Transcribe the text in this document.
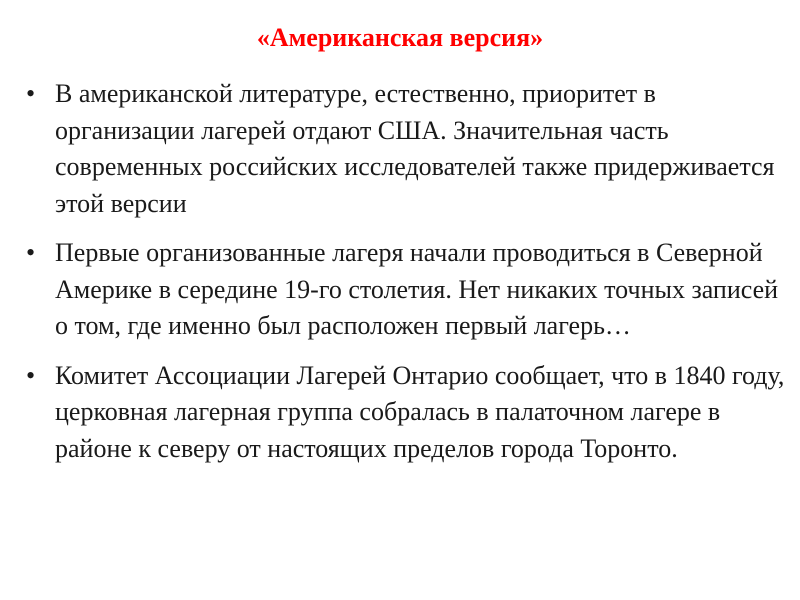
«Американская версия»
• В американской литературе, естественно, приоритет в организации лагерей отдают США. Значительная часть современных российских исследователей также придерживается этой версии
• Первые организованные лагеря начали проводиться в Северной Америке в середине 19-го столетия. Нет никаких точных записей о том, где именно был расположен первый лагерь…
• Комитет Ассоциации Лагерей Онтарио сообщает, что в 1840 году, церковная лагерная группа собралась в палаточном лагере в районе к северу от настоящих пределов города Торонто.
